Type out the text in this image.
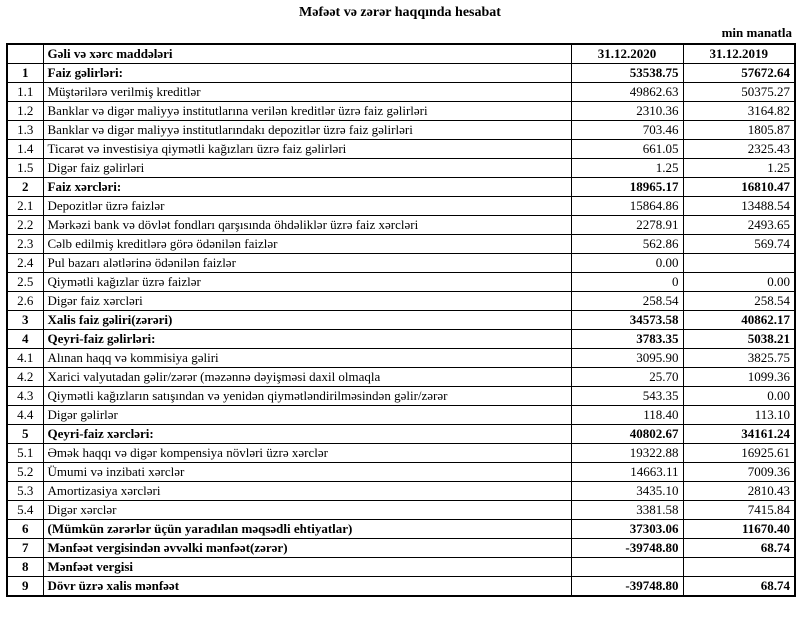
Məfəət və zərər haqqında hesabat
min manatla
	Gəli və xərc maddələri	31.12.2020	31.12.2019
1	Faiz gəlirləri:	53538.75	57672.64
1.1	Müştərilərə verilmiş kreditlər	49862.63	50375.27
1.2	Banklar və digər maliyyə institutlarına verilən kreditlər üzrə faiz gəlirləri	2310.36	3164.82
1.3	Banklar və digər maliyyə institutlarındakı depozitlər üzrə faiz gəlirləri	703.46	1805.87
1.4	Ticarət və investisiya qiymətli kağızları üzrə faiz gəlirləri	661.05	2325.43
1.5	Digər faiz gəlirləri	1.25	1.25
2	Faiz xərcləri:	18965.17	16810.47
2.1	Depozitlər üzrə faizlər	15864.86	13488.54
2.2	Mərkəzi bank və dövlət fondları qarşısında öhdəliklər üzrə faiz xərcləri	2278.91	2493.65
2.3	Cəlb edilmiş kreditlərə görə ödənilən faizlər	562.86	569.74
2.4	Pul bazarı alətlərinə ödənilən faizlər	0.00	
2.5	Qiymətli kağızlar üzrə faizlər	0	0.00
2.6	Digər faiz xərcləri	258.54	258.54
3	Xalis faiz gəliri(zərəri)	34573.58	40862.17
4	Qeyri-faiz gəlirləri:	3783.35	5038.21
4.1	Alınan haqq və kommisiya gəliri	3095.90	3825.75
4.2	Xarici valyutadan gəlir/zərər (məzənnə dəyişməsi daxil olmaqla	25.70	1099.36
4.3	Qiymətli kağızların satışından və yenidən qiymətləndirilməsindən gəlir/zərər	543.35	0.00
4.4	Digər gəlirlər	118.40	113.10
5	Qeyri-faiz xərcləri:	40802.67	34161.24
5.1	Əmək haqqı və digər kompensiya növləri üzrə xərclər	19322.88	16925.61
5.2	Ümumi və inzibati xərclər	14663.11	7009.36
5.3	Amortizasiya xərcləri	3435.10	2810.43
5.4	Digər xərclər	3381.58	7415.84
6	(Mümkün zərərlər üçün yaradılan məqsədli ehtiyatlar)	37303.06	11670.40
7	Mənfəət vergisindən əvvəlki mənfəət(zərər)	-39748.80	68.74
8	Mənfəət vergisi		
9	Dövr üzrə xalis mənfəət	-39748.80	68.74
